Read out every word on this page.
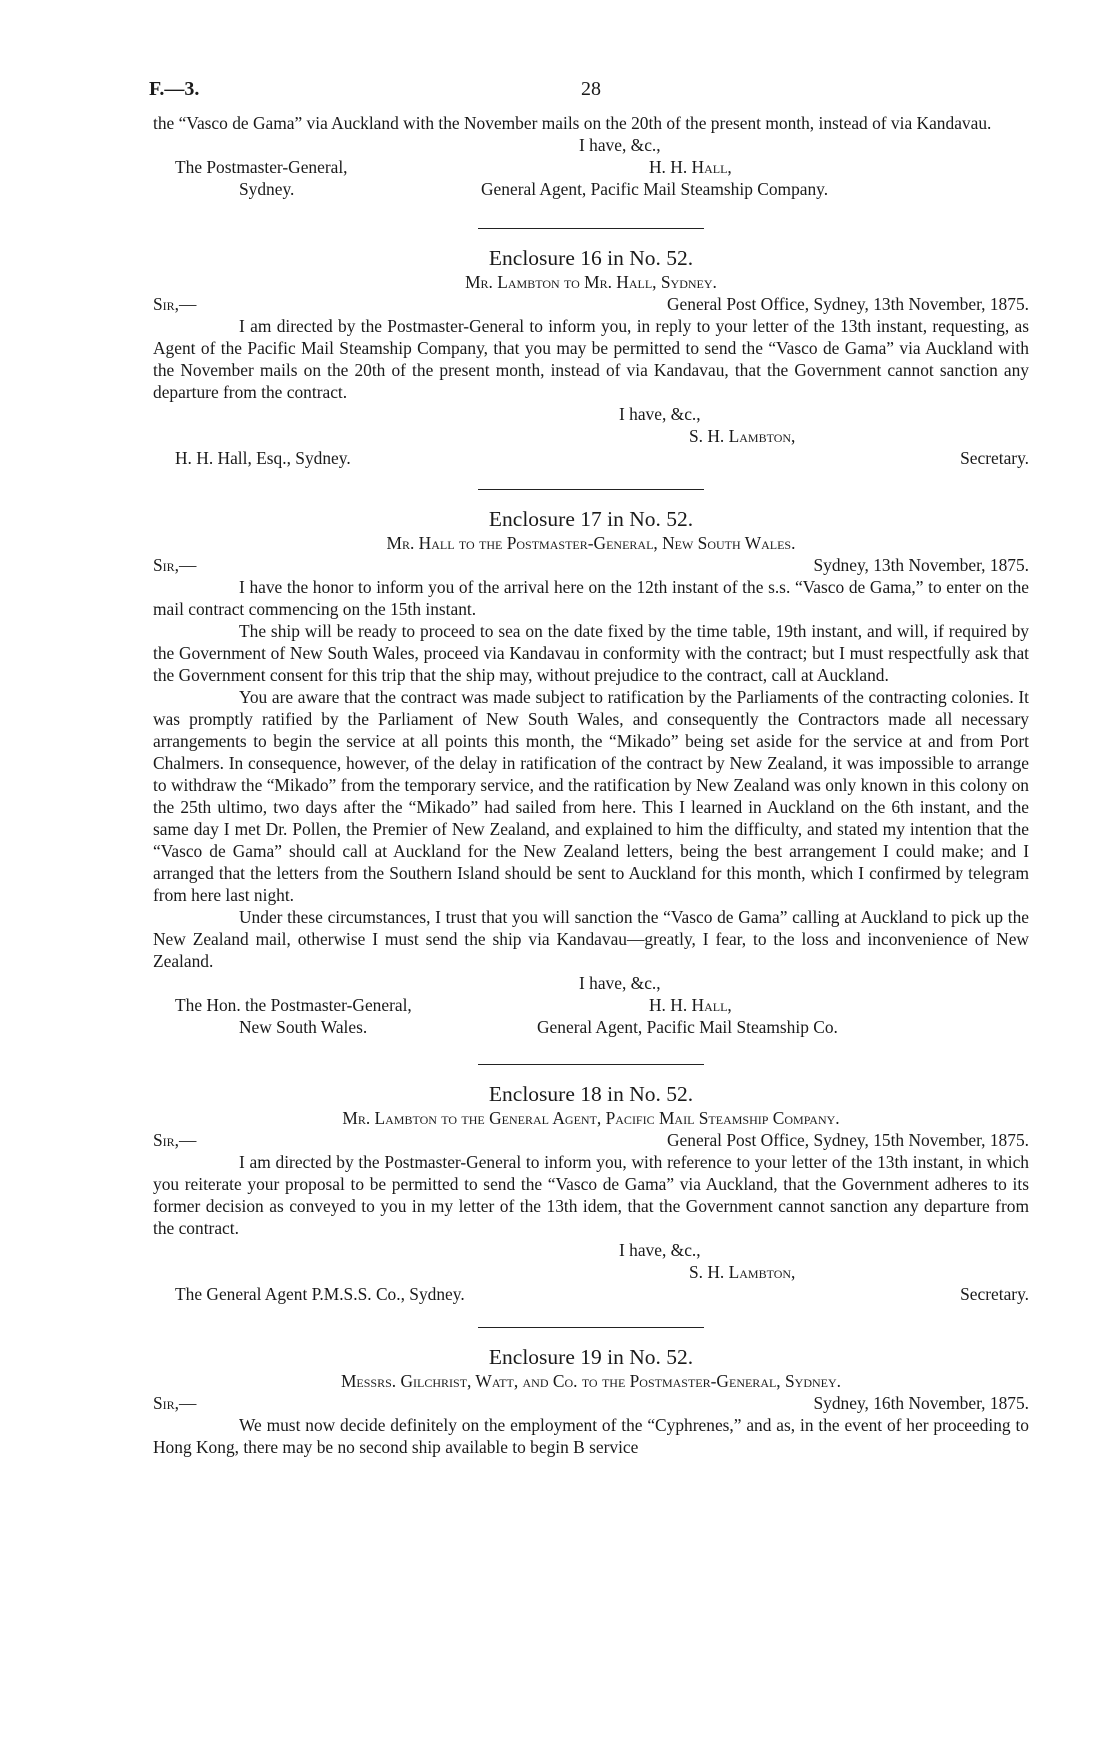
F.—3.	28

the “Vasco de Gama” via Auckland with the November mails on the 20th of the present month, instead of via Kandavau.

I have, &c.,
The Postmaster-General,	H. H. Hall,
Sydney.	General Agent, Pacific Mail Steamship Company.
Enclosure 16 in No. 52.
Mr. Lambton to Mr. Hall, Sydney.
Sir,—	General Post Office, Sydney, 13th November, 1875.

I am directed by the Postmaster-General to inform you, in reply to your letter of the 13th instant, requesting, as Agent of the Pacific Mail Steamship Company, that you may be permitted to send the “Vasco de Gama” via Auckland with the November mails on the 20th of the present month, instead of via Kandavau, that the Government cannot sanction any departure from the contract.

I have, &c.,
S. H. Lambton,
H. H. Hall, Esq., Sydney.	Secretary.
Enclosure 17 in No. 52.
Mr. Hall to the Postmaster-General, New South Wales.
Sir,—	Sydney, 13th November, 1875.

I have the honor to inform you of the arrival here on the 12th instant of the s.s. “Vasco de Gama,” to enter on the mail contract commencing on the 15th instant.

The ship will be ready to proceed to sea on the date fixed by the time table, 19th instant, and will, if required by the Government of New South Wales, proceed via Kandavau in conformity with the contract; but I must respectfully ask that the Government consent for this trip that the ship may, without prejudice to the contract, call at Auckland.

You are aware that the contract was made subject to ratification by the Parliaments of the contracting colonies. It was promptly ratified by the Parliament of New South Wales, and consequently the Contractors made all necessary arrangements to begin the service at all points this month, the “Mikado” being set aside for the service at and from Port Chalmers. In consequence, however, of the delay in ratification of the contract by New Zealand, it was impossible to arrange to withdraw the “Mikado” from the temporary service, and the ratification by New Zealand was only known in this colony on the 25th ultimo, two days after the “Mikado” had sailed from here. This I learned in Auckland on the 6th instant, and the same day I met Dr. Pollen, the Premier of New Zealand, and explained to him the difficulty, and stated my intention that the “Vasco de Gama” should call at Auckland for the New Zealand letters, being the best arrangement I could make; and I arranged that the letters from the Southern Island should be sent to Auckland for this month, which I confirmed by telegram from here last night.

Under these circumstances, I trust that you will sanction the “Vasco de Gama” calling at Auckland to pick up the New Zealand mail, otherwise I must send the ship via Kandavau—greatly, I fear, to the loss and inconvenience of New Zealand.

I have, &c.,
The Hon. the Postmaster-General,	H. H. Hall,
New South Wales.	General Agent, Pacific Mail Steamship Co.
Enclosure 18 in No. 52.
Mr. Lambton to the General Agent, Pacific Mail Steamship Company.
Sir,—	General Post Office, Sydney, 15th November, 1875.

I am directed by the Postmaster-General to inform you, with reference to your letter of the 13th instant, in which you reiterate your proposal to be permitted to send the “Vasco de Gama” via Auckland, that the Government adheres to its former decision as conveyed to you in my letter of the 13th idem, that the Government cannot sanction any departure from the contract.

I have, &c.,
S. H. Lambton,
The General Agent P.M.S.S. Co., Sydney.	Secretary.
Enclosure 19 in No. 52.
Messrs. Gilchrist, Watt, and Co. to the Postmaster-General, Sydney.
Sir,—	Sydney, 16th November, 1875.

We must now decide definitely on the employment of the “Cyphrenes,” and as, in the event of her proceeding to Hong Kong, there may be no second ship available to begin B service
